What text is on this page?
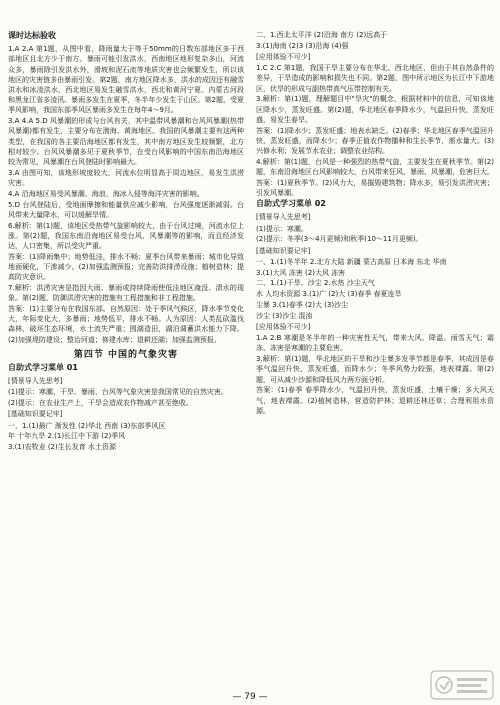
课时达标验收
1.A 2.A 第1题，从图中看，降雨量大于等于50mm的日数东部地区多于西部地区且北方少于南方。暴雨可能引发洪水，西南地区地形复杂多山，河流众多，暴雨除引发洪水外，滑坡和泥石流等地质灾害也会频繁发生，所以该地区的灾害链多由暴雨引发。第2题，南方地区降水多，洪水的成因还有融雪洪水和冰凌洪水，西北地区易发生融雪洪水，西北和黄河宁夏、内蒙古河段和黑龙江省多凌汛。暴雨多发生在夏季，冬半年少发生于山区。第2题，受夏季风影响，我国东部季风区暴雨多发生在每年4～9月。
3.A 4.A 5.D 风暴潮的形成与台风有关，其中温带风暴潮和台风风暴潮(热带风暴潮)都有发生，主要分布在渤海、黄海地区。我国的风暴潮主要有这两种类型，在我国的各主要沿海地区都有发生，其中南方地区发生较频繁，北方相对较少。台风风暴潮多见于夏秋季节，在受台风影响的中国东南沿海地区较为常见，风暴潮在台风登陆时影响最大。
3.A 由图可知，该地形坡度较大，河流水位明显高于周边地区，易发生洪涝灾害。
4.A 沿海地区易受风暴潮、海浪、海冰入侵等海洋灾害的影响。
5.D 台风登陆后，受地面摩擦和能量供应减少影响，台风强度逐渐减弱。台风带来大量降水，可以缓解旱情。
6.解析：第(1)题，该地区受热带气旋影响较大，由于台风过境，河流水位上涨。第(2)题，我国东南沿海地区易受台风、风暴潮等的影响，而且经济发达，人口密集，所以受灾严重。
答案：(1)降雨集中；地势低洼，排水不畅；夏季台风带来暴雨；城市化导致地面硬化，下渗减少。(2)加强监测预报；完善防洪排涝设施；植树造林；提高防灾意识。
7.解析：洪涝灾害是指因大雨、暴雨或持续降雨使低洼地区淹没、渍水的现象。第(2)题，防御洪涝灾害的措施有工程措施和非工程措施。
答案：(1)主要分布在我国东部。自然原因：处于季风气候区，降水季节变化大，年际变化大，多暴雨；地势低平，排水不畅。人为原因：人类乱砍滥伐森林，破坏生态环境，水土流失严重；围湖造田，湖泊调蓄洪水能力下降。(2)加强堤防建设；整治河道；修建水库；退耕还湖；加强监测预报。
第四节 中国的气象灾害
自助式学习菜单 01
[情景导入先思考]
(1)提示：寒潮、干旱、暴雨、台风等气象灾害是我国常见的自然灾害。
(2)提示：在农业生产上，干旱会造成农作物减产甚至绝收。
[基础知识要记牢]
一、1.(1)最广 渐发性 (2)华北 西南 (3)东部季风区
年 十年九旱 2.(1)长江中下游 (2)季风
3.(1)农牧业 (2)生长发育 水土资源
二、1.西北太平洋 (2)沿海 南方 (2)远高于
3.(1)海南 (2)3 (3)沿海 (4)强
[应用体验不可少]
1.C 2.C 第1题，我国干旱主要分布在华北、西北地区，但由于其自然条件的差异，干旱造成的影响和损失也不同。第2题，图中所示地区为长江中下游地区，伏旱的形成与副热带高气压带控制有关。
3.解析：第(1)题，理解题目中"旱灾"的概念，根据材料中的信息，可知该地区降水少，蒸发旺盛。第(2)题，华北地区春季降水少，气温回升快，蒸发旺盛，易发生春旱。
答案：(1)降水少；蒸发旺盛；地表水缺乏。(2)春季；华北地区春季气温回升快，蒸发旺盛，而降水少；春季正值农作物播种和生长季节，需水量大。(3)兴修水利；发展节水农业；调整农业结构。
4.解析：第(1)题，台风是一种强烈的热带气旋，主要发生在夏秋季节。第(2)题，东南沿海地区台风影响较大，台风带来狂风、暴雨、风暴潮，危害巨大。
答案：(1)夏秋季节。(2)风力大，易摧毁建筑物；降水多，易引发洪涝灾害；引发风暴潮。
自助式学习菜单 02
[情景导入先思考]
(1)提示：寒潮。
(2)提示：冬季(3～4月更频)和秋季(10～11月更频)。
[基础知识要记牢]
一、1.(1)冬半年 2.北方大陆 新疆 蒙古高原 日本海 东北 华南
3.(1)大风 冻害 (2)大风 冻害
二、1.(1)干旱、沙尘 2.水热 沙尘天气
水 人均水资源 3.(1)广 (2)大 (3)春季 春夏连旱
尘暴 3.(1)春季 (2)大 (3)沙尘
沙尘 (3)沙尘 混浊
[应用体验不可少]
1.A 2.B 寒潮是冬半年的一种灾害性天气，带来大风、降温、雨雪天气；霜冻、冻害是寒潮的主要危害。
3.解析：第(1)题，华北地区的干旱和沙尘暴多发季节都是春季，其成因是春季气温回升快，蒸发旺盛，而降水少；冬季风势力较强，地表裸露。第(2)题，可从减少沙源和降低风力两方面分析。
答案：(1)春季 春季降水少，气温回升快，蒸发旺盛，土壤干燥；多大风天气，地表裸露。(2)植树造林，营造防护林；退耕还林还草；合理利用水资源。
— 79 —
